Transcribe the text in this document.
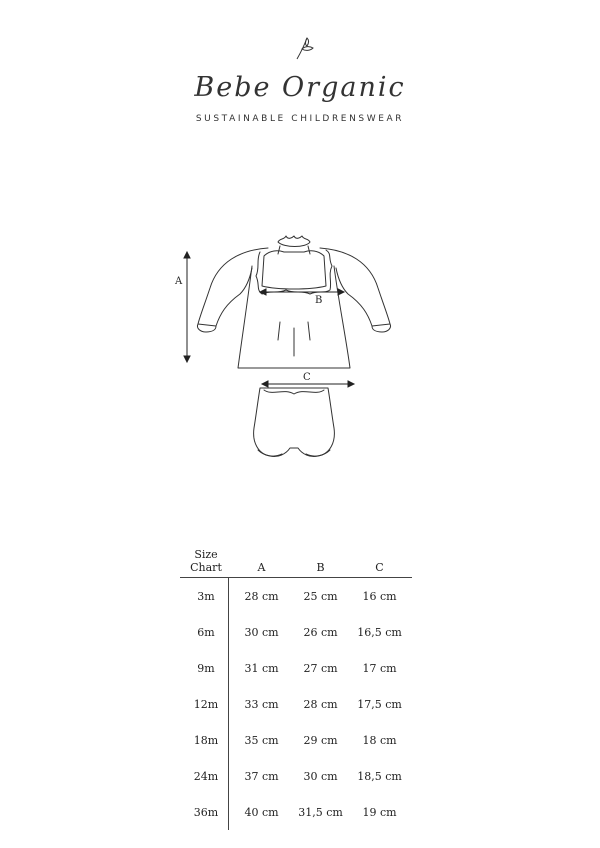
Bebe Organic
SUSTAINABLE CHILDRENSWEAR
A
B
C
Size
Chart	A	B	C
3m	28 cm	25 cm	16 cm
6m	30 cm	26 cm	16,5 cm
9m	31 cm	27 cm	17 cm
12m	33 cm	28 cm	17,5 cm
18m	35 cm	29 cm	18 cm
24m	37 cm	30 cm	18,5 cm
36m	40 cm	31,5 cm	19 cm
